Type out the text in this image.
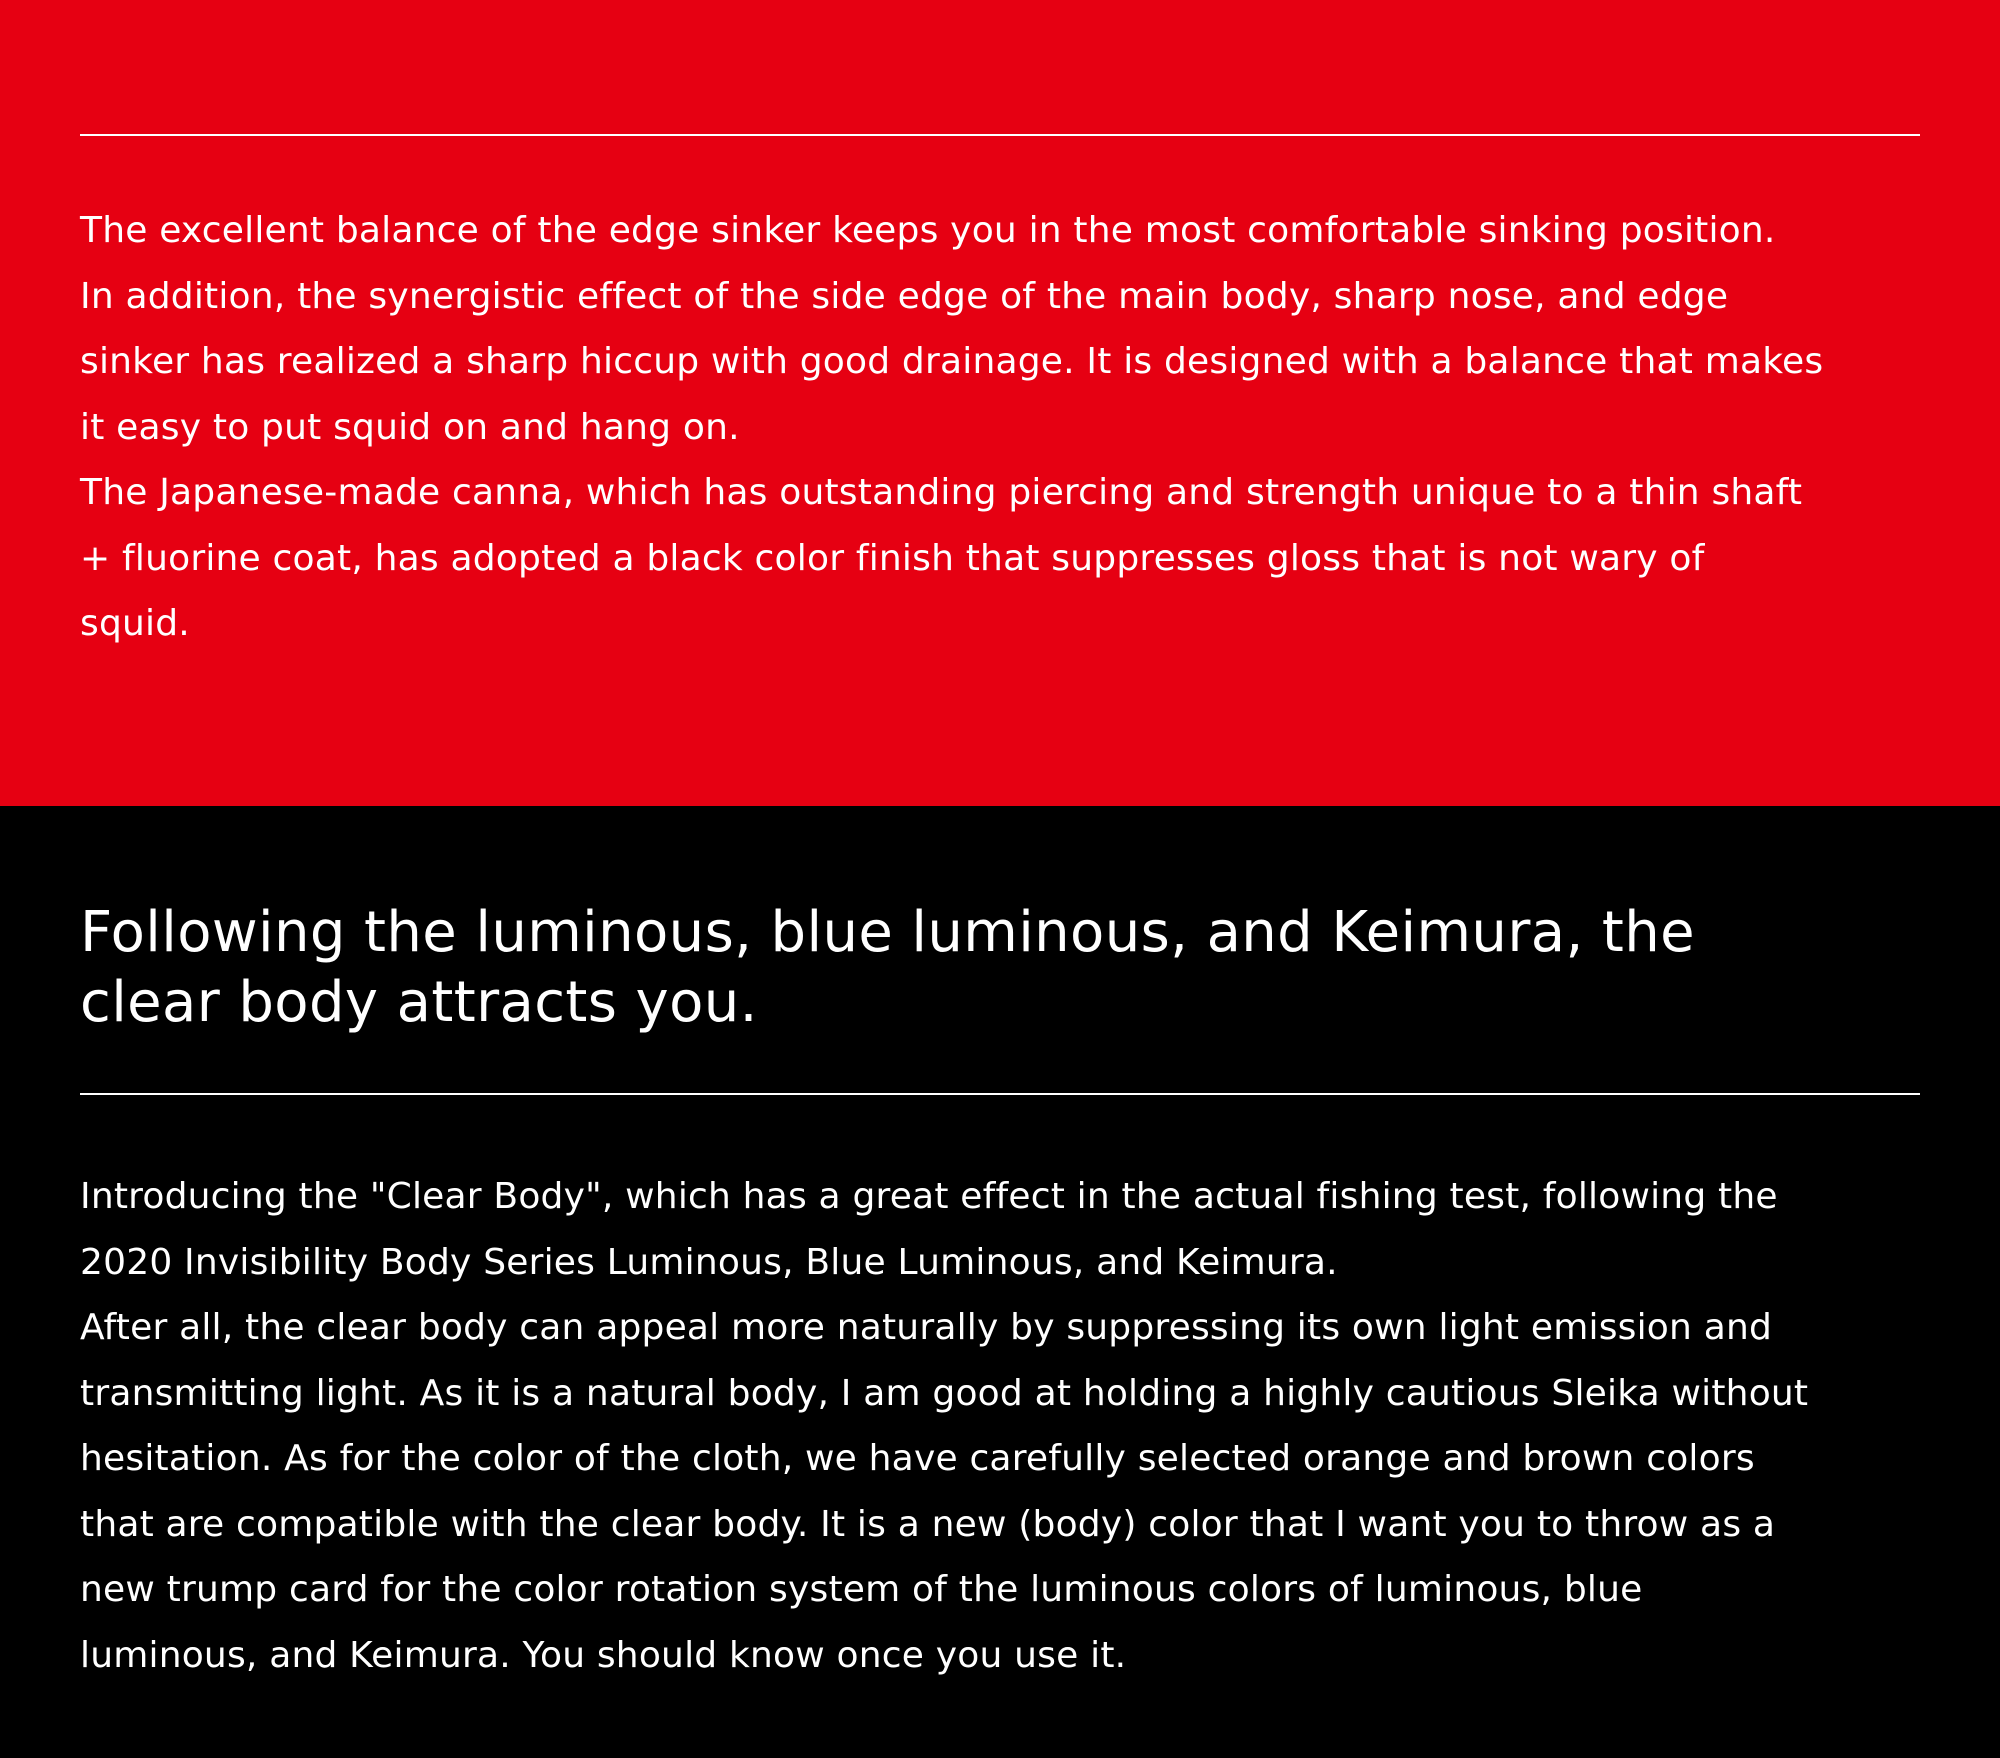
The excellent balance of the edge sinker keeps you in the most comfortable sinking position.
In addition, the synergistic effect of the side edge of the main body, sharp nose, and edge
sinker has realized a sharp hiccup with good drainage. It is designed with a balance that makes
it easy to put squid on and hang on.
The Japanese-made canna, which has outstanding piercing and strength unique to a thin shaft
+ fluorine coat, has adopted a black color finish that suppresses gloss that is not wary of
squid.

Following the luminous, blue luminous, and Keimura, the
clear body attracts you.

Introducing the "Clear Body", which has a great effect in the actual fishing test, following the
2020 Invisibility Body Series Luminous, Blue Luminous, and Keimura.
After all, the clear body can appeal more naturally by suppressing its own light emission and
transmitting light. As it is a natural body, I am good at holding a highly cautious Sleika without
hesitation. As for the color of the cloth, we have carefully selected orange and brown colors
that are compatible with the clear body. It is a new (body) color that I want you to throw as a
new trump card for the color rotation system of the luminous colors of luminous, blue
luminous, and Keimura. You should know once you use it.
